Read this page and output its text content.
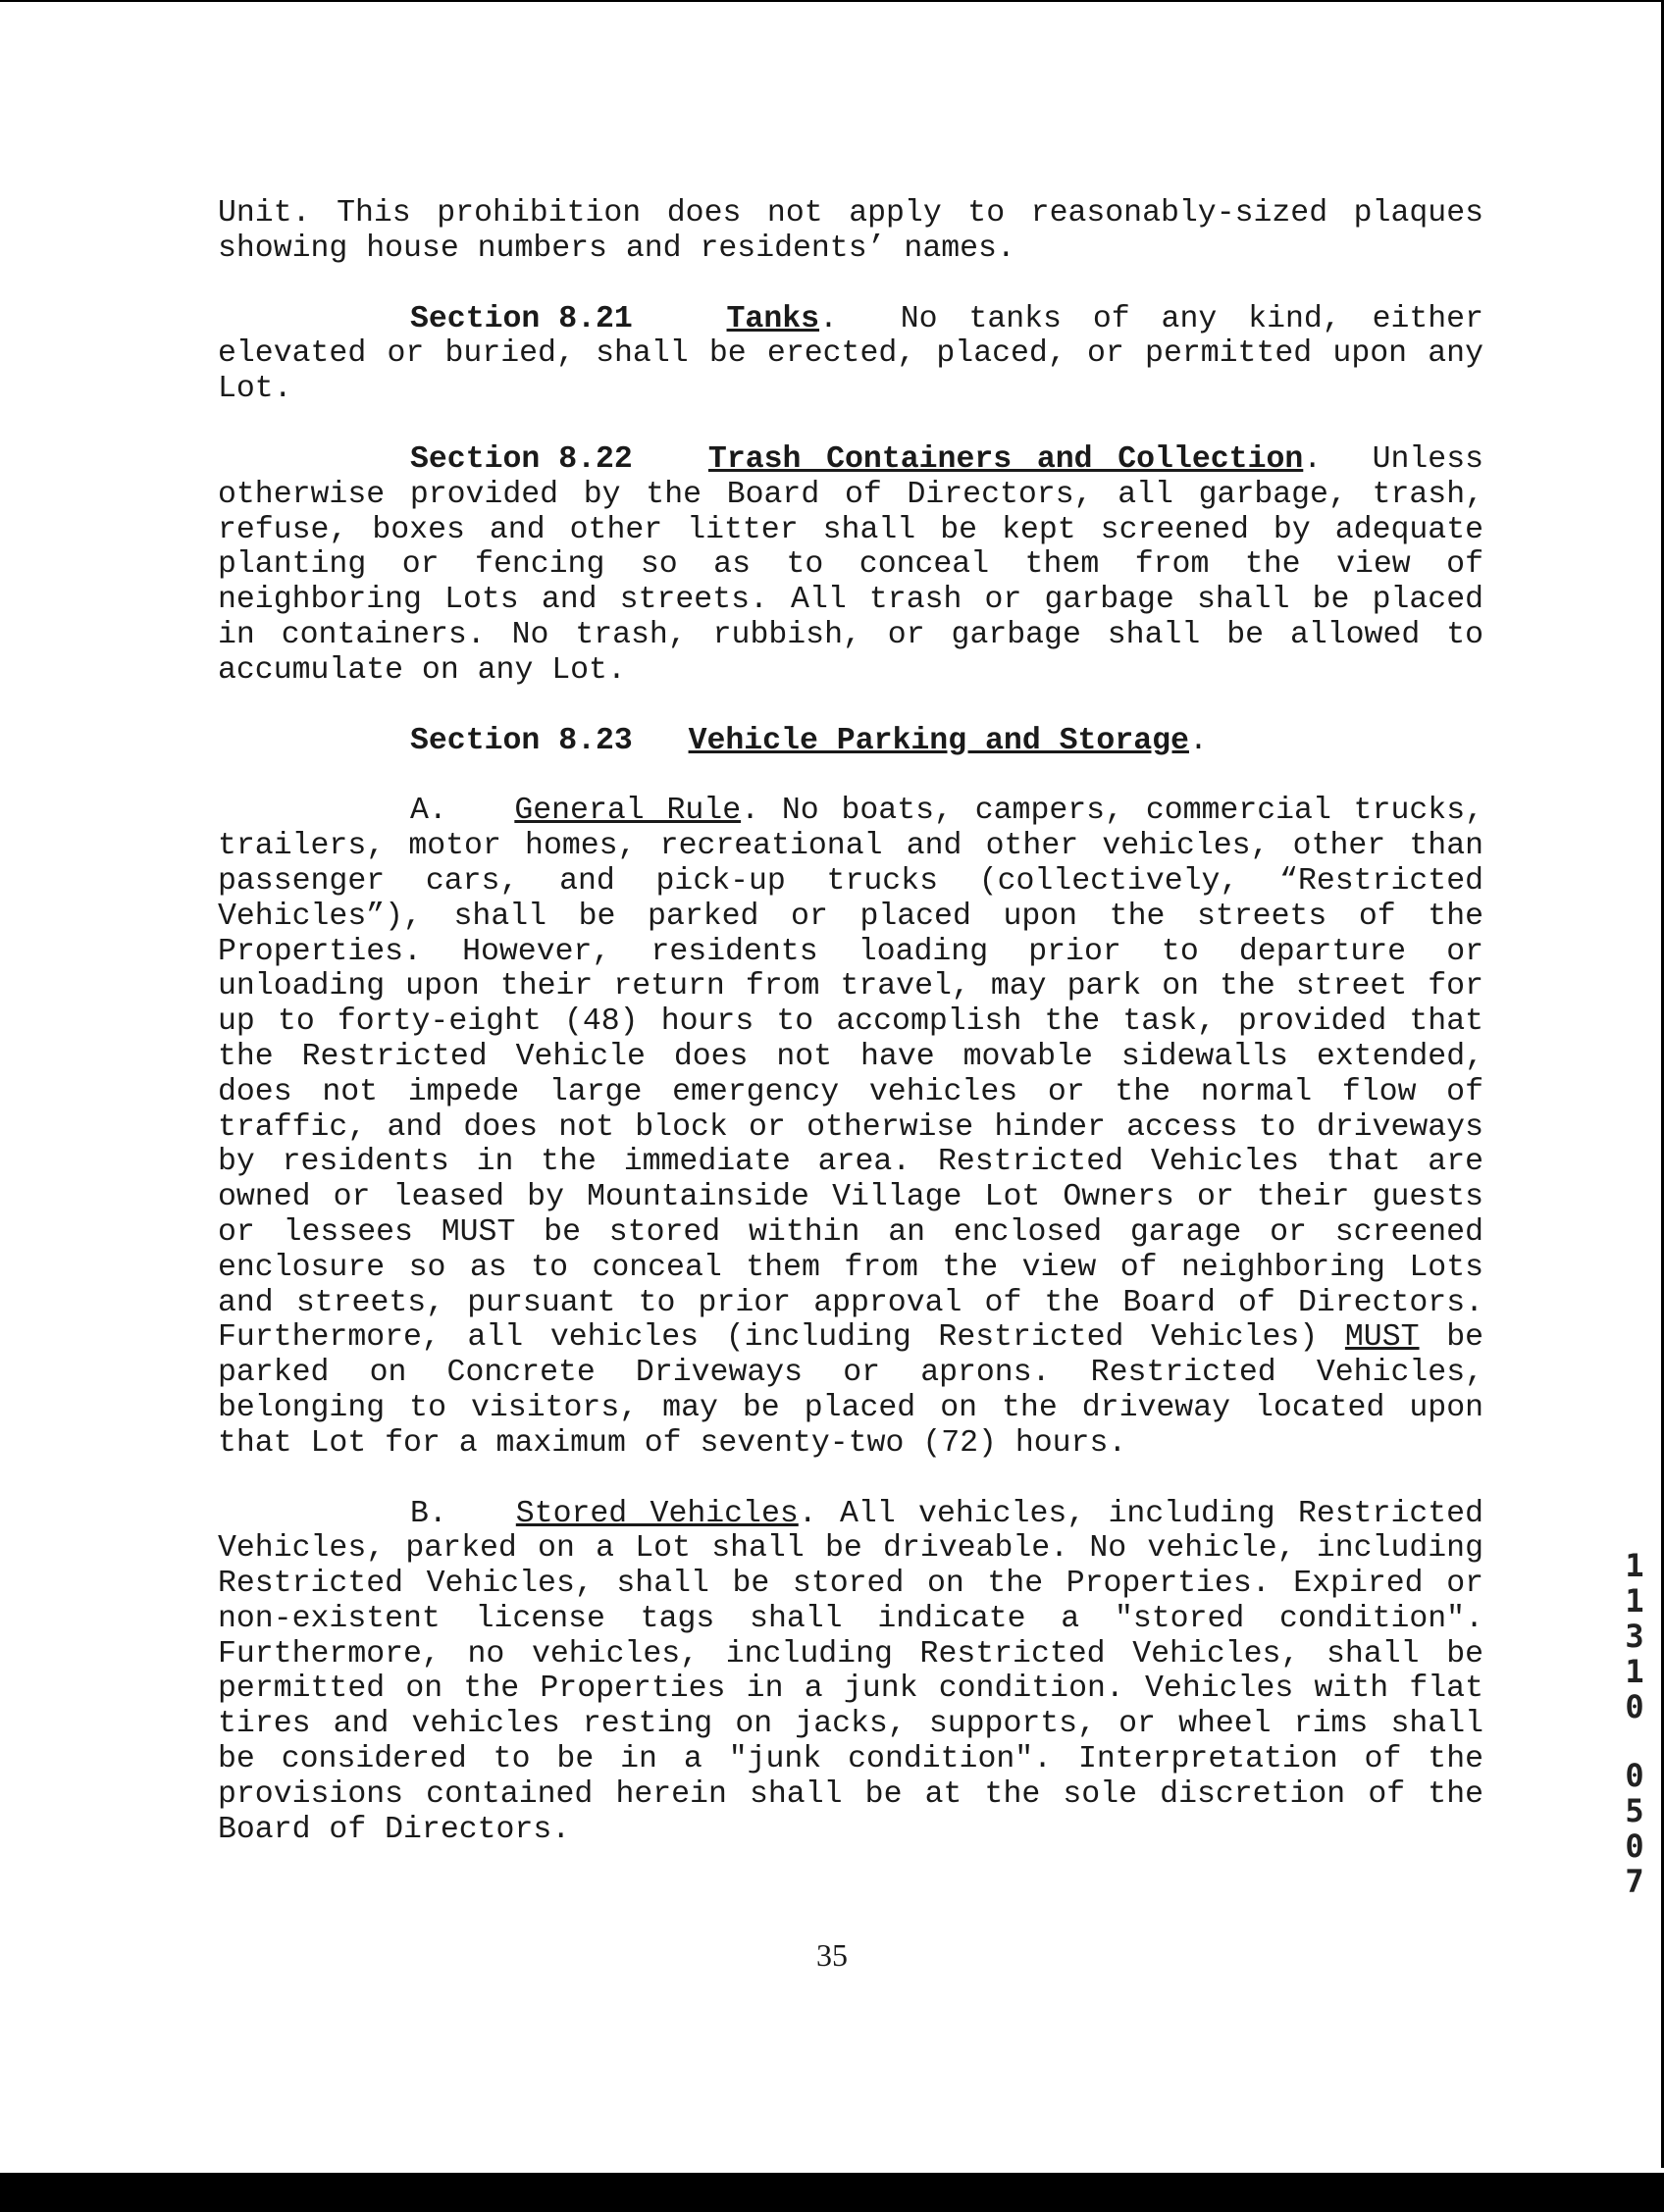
Unit. This prohibition does not apply to reasonably-sized plaques showing house numbers and residents’ names.

Section 8.21	Tanks.  No tanks of any kind, either elevated or buried, shall be erected, placed, or permitted upon any Lot.

Section 8.22 Trash Containers and Collection.  Unless otherwise provided by the Board of Directors, all garbage, trash, refuse, boxes and other litter shall be kept screened by adequate planting or fencing so as to conceal them from the view of neighboring Lots and streets. All trash or garbage shall be placed in containers. No trash, rubbish, or garbage shall be allowed to accumulate on any Lot.

Section 8.23 Vehicle Parking and Storage.

A. General Rule. No boats, campers, commercial trucks, trailers, motor homes, recreational and other vehicles, other than passenger cars, and pick-up trucks (collectively, “Restricted Vehicles”), shall be parked or placed upon the streets of the Properties. However, residents loading prior to departure or unloading upon their return from travel, may park on the street for up to forty-eight (48) hours to accomplish the task, provided that the Restricted Vehicle does not have movable sidewalls extended, does not impede large emergency vehicles or the normal flow of traffic, and does not block or otherwise hinder access to driveways by residents in the immediate area. Restricted Vehicles that are owned or leased by Mountainside Village Lot Owners or their guests or lessees MUST be stored within an enclosed garage or screened enclosure so as to conceal them from the view of neighboring Lots and streets, pursuant to prior approval of the Board of Directors. Furthermore, all vehicles (including Restricted Vehicles) MUST be parked on Concrete Driveways or aprons. Restricted Vehicles, belonging to visitors, may be placed on the driveway located upon that Lot for a maximum of seventy-two (72) hours.

B. Stored Vehicles. All vehicles, including Restricted Vehicles, parked on a Lot shall be driveable. No vehicle, including Restricted Vehicles, shall be stored on the Properties. Expired or non-existent license tags shall indicate a "stored condition". Furthermore, no vehicles, including Restricted Vehicles, shall be permitted on the Properties in a junk condition. Vehicles with flat tires and vehicles resting on jacks, supports, or wheel rims shall be considered to be in a "junk condition". Interpretation of the provisions contained herein shall be at the sole discretion of the Board of Directors.

35
1
1
3
1
0
0
5
0
7
